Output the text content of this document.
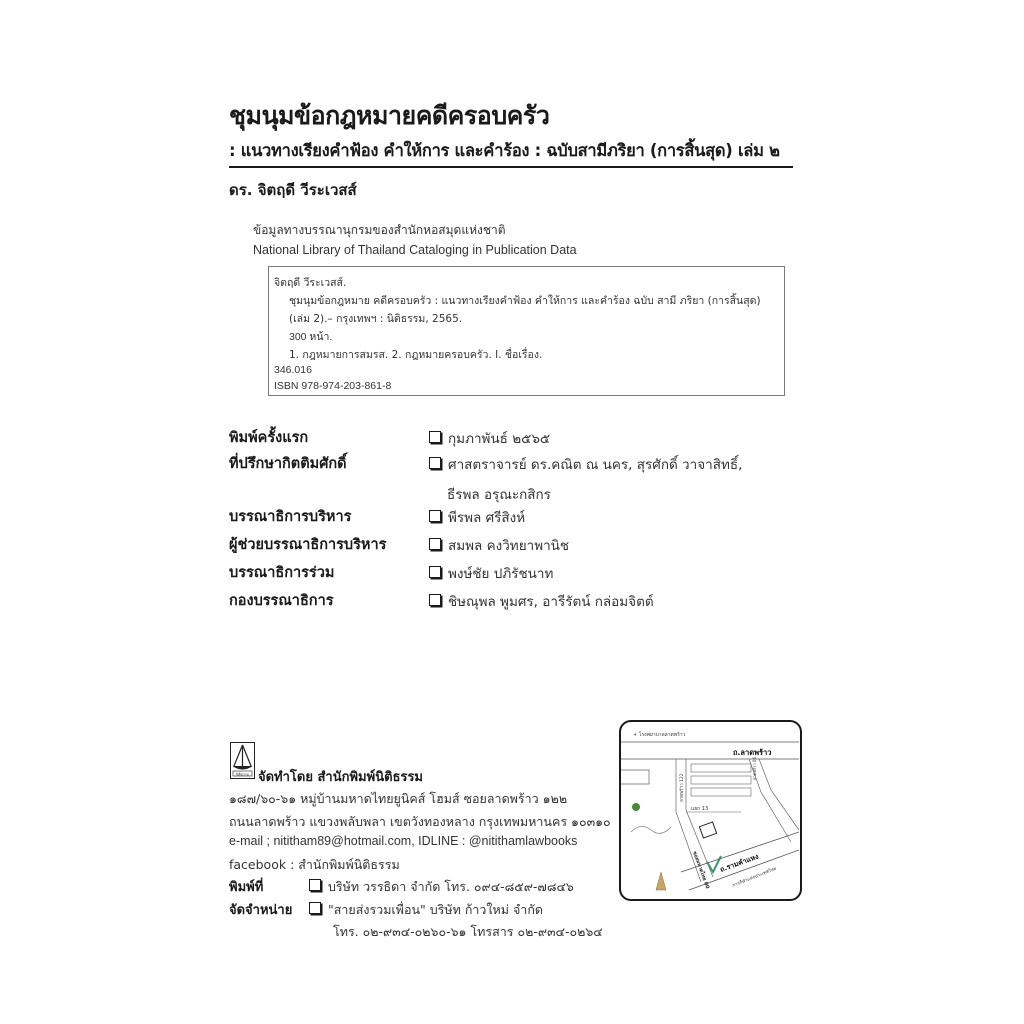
ชุมนุมข้อกฎหมายคดีครอบครัว
: แนวทางเรียงคำฟ้อง คำให้การ และคำร้อง : ฉบับสามีภริยา (การสิ้นสุด) เล่ม ๒
ดร. จิตฤดี วีระเวสส์
ข้อมูลทางบรรณานุกรมของสำนักหอสมุดแห่งชาติ
National Library of Thailand Cataloging in Publication Data
จิตฤดี วีระเวสส์.
ชุมนุมข้อกฎหมาย คดีครอบครัว : แนวทางเรียงคำฟ้อง คำให้การ และคำร้อง ฉบับ สามี ภริยา (การสิ้นสุด)
(เล่ม 2).– กรุงเทพฯ : นิติธรรม, 2565.
300 หน้า.
1. กฎหมายการสมรส. 2. กฎหมายครอบครัว. I. ชื่อเรื่อง.
346.016
ISBN 978-974-203-861-8
พิมพ์ครั้งแรก	กุมภาพันธ์ ๒๕๖๕
ที่ปรึกษากิตติมศักดิ์	ศาสตราจารย์ ดร.คณิต ณ นคร, สุรศักดิ์ วาจาสิทธิ์,
ธีรพล อรุณะกสิกร
บรรณาธิการบริหาร	พีรพล ศรีสิงห์
ผู้ช่วยบรรณาธิการบริหาร	สมพล คงวิทยาพานิช
บรรณาธิการร่วม	พงษ์ชัย ปภิรัชนาท
กองบรรณาธิการ	ชิษณุพล พูมศร, อารีรัตน์ กล่อมจิตต์
นิติธรรม จัดทำโดย สำนักพิมพ์นิติธรรม
๑๘๗/๖๐-๖๑ หมู่บ้านมหาดไทยยูนิคส์ โฮมส์ ซอยลาดพร้าว ๑๒๒
ถนนลาดพร้าว แขวงพลับพลา เขตวังทองหลาง กรุงเทพมหานคร ๑๐๓๑๐
e-mail ; nititham89@hotmail.com, IDLINE : @nitithamlawbooks
facebook : สำนักพิมพ์นิติธรรม
พิมพ์ที่	บริษัท วรรธิดา จำกัด โทร. ๐๙๔-๘๕๙-๗๘๔๖
จัดจำหน่าย	"สายส่งรวมเพื่อน" บริษัท ก้าวใหม่ จำกัด
โทร. ๐๒-๙๓๔-๐๒๖๐-๖๑ โทรสาร ๐๒-๙๓๔-๐๒๖๔
+ โรงพยาบาลลาดพร้าว
ถ.ลาดพร้าว
ลาดพร้าว 122
ลาดพร้าว 04
แยก 13
ซอยมหาดไทย 80 ถ.รามคำแหง
การกีฬาแห่งประเทศไทย
